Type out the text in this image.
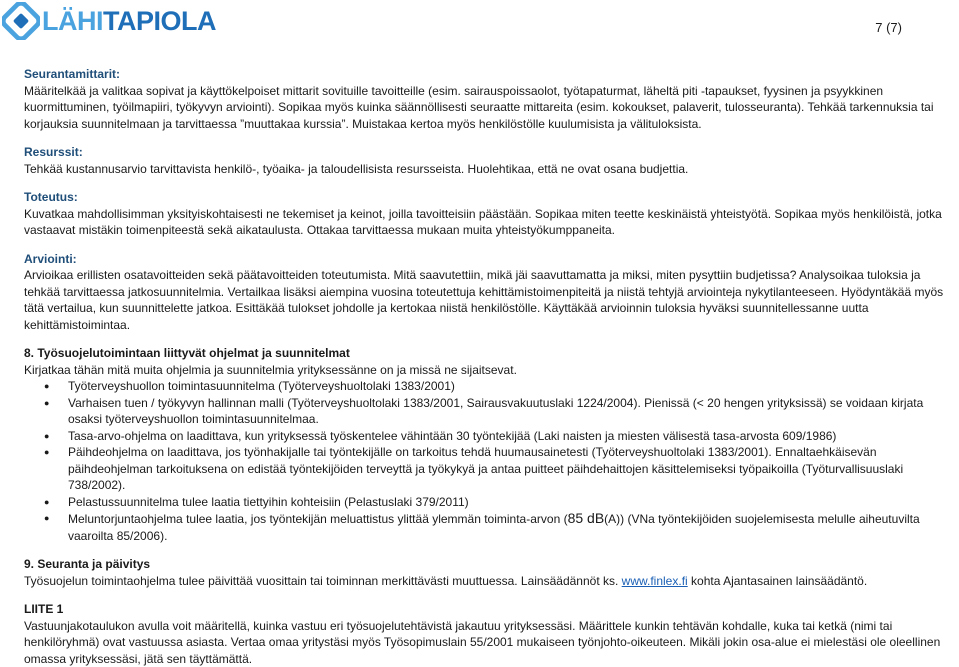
LÄHITAPIOLA	7 (7)

Seurantamittarit:

Määritelkää ja valitkaa sopivat ja käyttökelpoiset mittarit sovituille tavoitteille (esim. sairauspoissaolot, työtapaturmat, läheltä piti -tapaukset, fyysinen ja psyykkinen kuormittuminen, työilmapiiri, työkyvyn arviointi). Sopikaa myös kuinka säännöllisesti seuraatte mittareita (esim. kokoukset, palaverit, tulosseuranta). Tehkää tarkennuksia tai korjauksia suunnitelmaan ja tarvittaessa ”muuttakaa kurssia”. Muistakaa kertoa myös henkilöstölle kuulumisista ja välituloksista.

Resurssit:

Tehkää kustannusarvio tarvittavista henkilö-, työaika- ja taloudellisista resursseista. Huolehtikaa, että ne ovat osana budjettia.

Toteutus:

Kuvatkaa mahdollisimman yksityiskohtaisesti ne tekemiset ja keinot, joilla tavoitteisiin päästään. Sopikaa miten teette keskinäistä yhteistyötä. Sopikaa myös henkilöistä, jotka vastaavat mistäkin toimenpiteestä sekä aikataulusta. Ottakaa tarvittaessa mukaan muita yhteistyökumppaneita.

Arviointi:

Arvioikaa erillisten osatavoitteiden sekä päätavoitteiden toteutumista. Mitä saavutettiin, mikä jäi saavuttamatta ja miksi, miten pysyttiin budjetissa? Analysoikaa tuloksia ja tehkää tarvittaessa jatkosuunnitelmia. Vertailkaa lisäksi aiempina vuosina toteutettuja kehittämistoimenpiteitä ja niistä tehtyjä arviointeja nykytilanteeseen. Hyödyntäkää myös tätä vertailua, kun suunnittelette jatkoa. Esittäkää tulokset johdolle ja kertokaa niistä henkilöstölle. Käyttäkää arvioinnin tuloksia hyväksi suunnitellessanne uutta kehittämistoimintaa.

8. Työsuojelutoimintaan liittyvät ohjelmat ja suunnitelmat

Kirjatkaa tähän mitä muita ohjelmia ja suunnitelmia yrityksessänne on ja missä ne sijaitsevat.

● Työterveyshuollon toimintasuunnitelma (Työterveyshuoltolaki 1383/2001)
● Varhaisen tuen / työkyvyn hallinnan malli (Työterveyshuoltolaki 1383/2001, Sairausvakuutuslaki 1224/2004). Pienissä (< 20 hengen yrityksissä) se voidaan kirjata osaksi työterveyshuollon toimintasuunnitelmaa.
● Tasa-arvo-ohjelma on laadittava, kun yrityksessä työskentelee vähintään 30 työntekijää (Laki naisten ja miesten välisestä tasa-arvosta 609/1986)
● Päihdeohjelma on laadittava, jos työnhakijalle tai työntekijälle on tarkoitus tehdä huumausainetesti (Työterveyshuoltolaki 1383/2001). Ennaltaehkäisevän päihdeohjelman tarkoituksena on edistää työntekijöiden terveyttä ja työkykyä ja antaa puitteet päihdehaittojen käsittelemiseksi työpaikoilla (Työturvallisuuslaki 738/2002).
● Pelastussuunnitelma tulee laatia tiettyihin kohteisiin (Pelastuslaki 379/2011)
● Meluntorjuntaohjelma tulee laatia, jos työntekijän meluattistus ylittää ylemmän toiminta-arvon (85 dB(A)) (VNa työntekijöiden suojelemisesta melulle aiheutuvilta vaaroilta 85/2006).

9. Seuranta ja päivitys

Työsuojelun toimintaohjelma tulee päivittää vuosittain tai toiminnan merkittävästi muuttuessa. Lainsäädännöt ks. www.finlex.fi kohta Ajantasainen lainsäädäntö.

LIITE 1

Vastuunjakotaulukon avulla voit määritellä, kuinka vastuu eri työsuojelutehtävistä jakautuu yrityksessäsi. Määrittele kunkin tehtävän kohdalle, kuka tai ketkä (nimi tai henkilöryhmä) ovat vastuussa asiasta. Vertaa omaa yritystäsi myös Työsopimuslain 55/2001 mukaiseen työnjohto-oikeuteen. Mikäli jokin osa-alue ei mielestäsi ole oleellinen omassa yrityksessäsi, jätä sen täyttämättä.
